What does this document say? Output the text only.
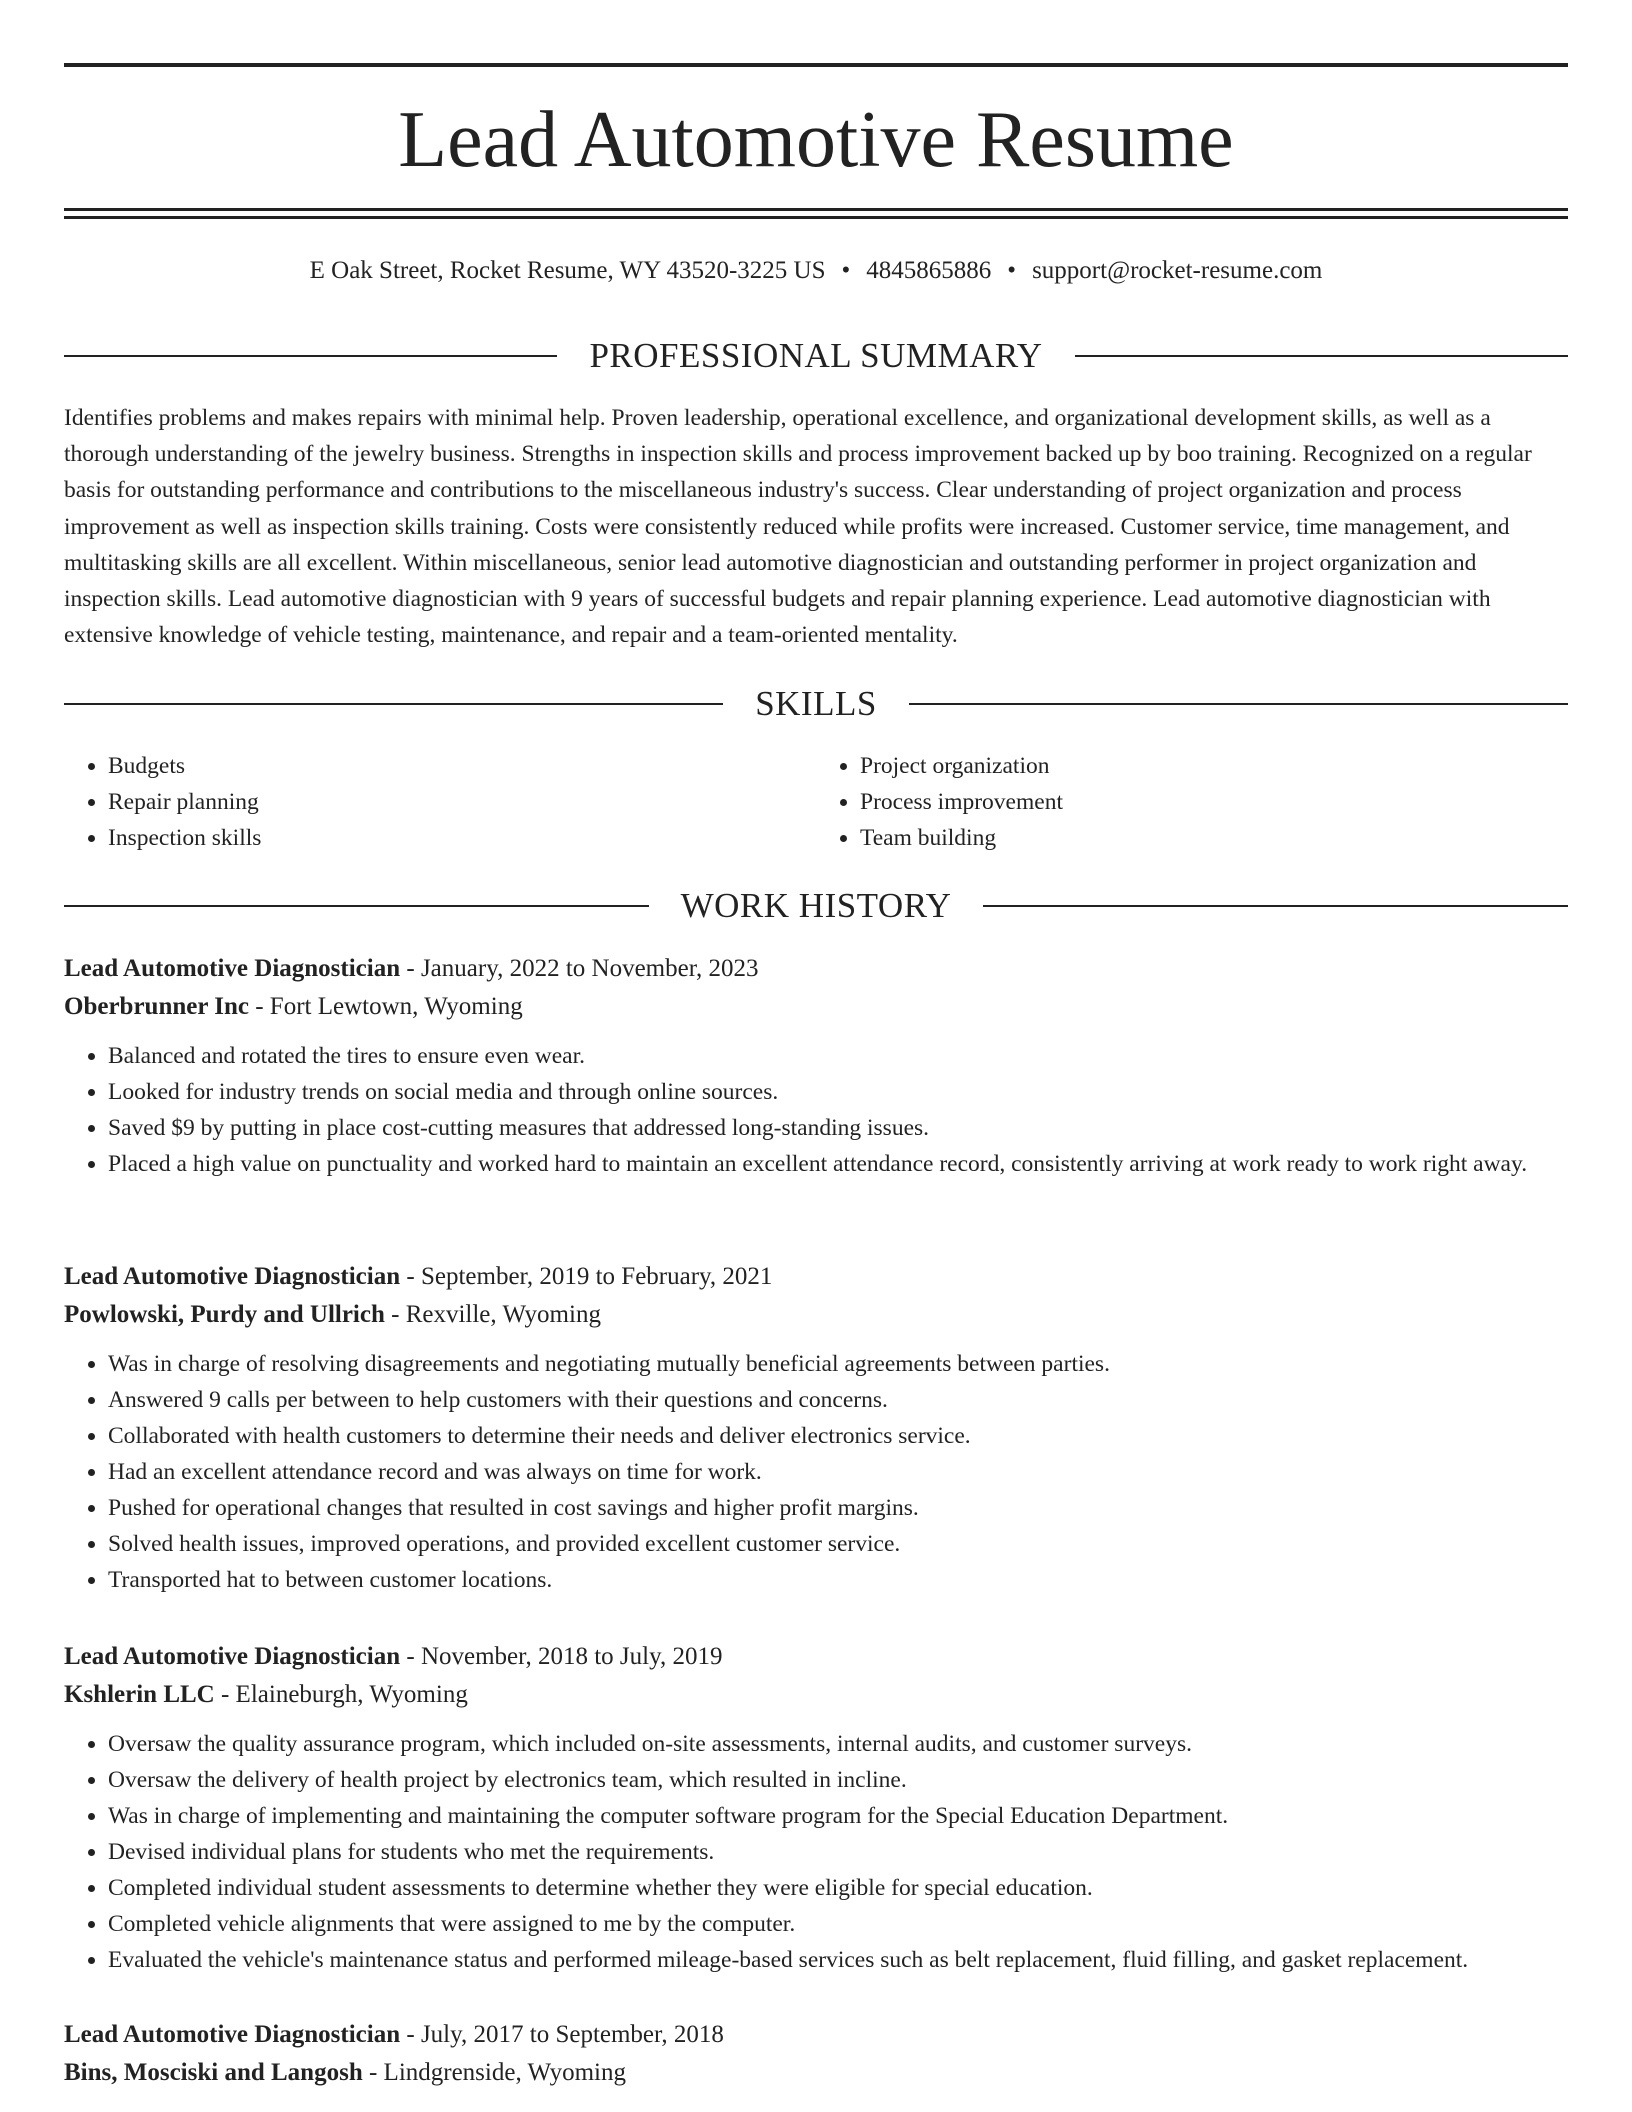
Lead Automotive Resume
E Oak Street, Rocket Resume, WY 43520-3225 US • 4845865886 • support@rocket-resume.com
PROFESSIONAL SUMMARY

Identifies problems and makes repairs with minimal help. Proven leadership, operational excellence, and organizational development skills, as well as a thorough understanding of the jewelry business. Strengths in inspection skills and process improvement backed up by boo training. Recognized on a regular basis for outstanding performance and contributions to the miscellaneous industry's success. Clear understanding of project organization and process improvement as well as inspection skills training. Costs were consistently reduced while profits were increased. Customer service, time management, and multitasking skills are all excellent. Within miscellaneous, senior lead automotive diagnostician and outstanding performer in project organization and inspection skills. Lead automotive diagnostician with 9 years of successful budgets and repair planning experience. Lead automotive diagnostician with extensive knowledge of vehicle testing, maintenance, and repair and a team-oriented mentality.

SKILLS
• Budgets
• Repair planning
• Inspection skills
• Project organization
• Process improvement
• Team building
WORK HISTORY
Lead Automotive Diagnostician - January, 2022 to November, 2023
Oberbrunner Inc - Fort Lewtown, Wyoming
• Balanced and rotated the tires to ensure even wear.
• Looked for industry trends on social media and through online sources.
• Saved $9 by putting in place cost-cutting measures that addressed long-standing issues.
• Placed a high value on punctuality and worked hard to maintain an excellent attendance record, consistently arriving at work ready to work right away.
Lead Automotive Diagnostician - September, 2019 to February, 2021
Powlowski, Purdy and Ullrich - Rexville, Wyoming
• Was in charge of resolving disagreements and negotiating mutually beneficial agreements between parties.
• Answered 9 calls per between to help customers with their questions and concerns.
• Collaborated with health customers to determine their needs and deliver electronics service.
• Had an excellent attendance record and was always on time for work.
• Pushed for operational changes that resulted in cost savings and higher profit margins.
• Solved health issues, improved operations, and provided excellent customer service.
• Transported hat to between customer locations.
Lead Automotive Diagnostician - November, 2018 to July, 2019
Kshlerin LLC - Elaineburgh, Wyoming
• Oversaw the quality assurance program, which included on-site assessments, internal audits, and customer surveys.
• Oversaw the delivery of health project by electronics team, which resulted in incline.
• Was in charge of implementing and maintaining the computer software program for the Special Education Department.
• Devised individual plans for students who met the requirements.
• Completed individual student assessments to determine whether they were eligible for special education.
• Completed vehicle alignments that were assigned to me by the computer.
• Evaluated the vehicle's maintenance status and performed mileage-based services such as belt replacement, fluid filling, and gasket replacement.
Lead Automotive Diagnostician - July, 2017 to September, 2018
Bins, Mosciski and Langosh - Lindgrenside, Wyoming
